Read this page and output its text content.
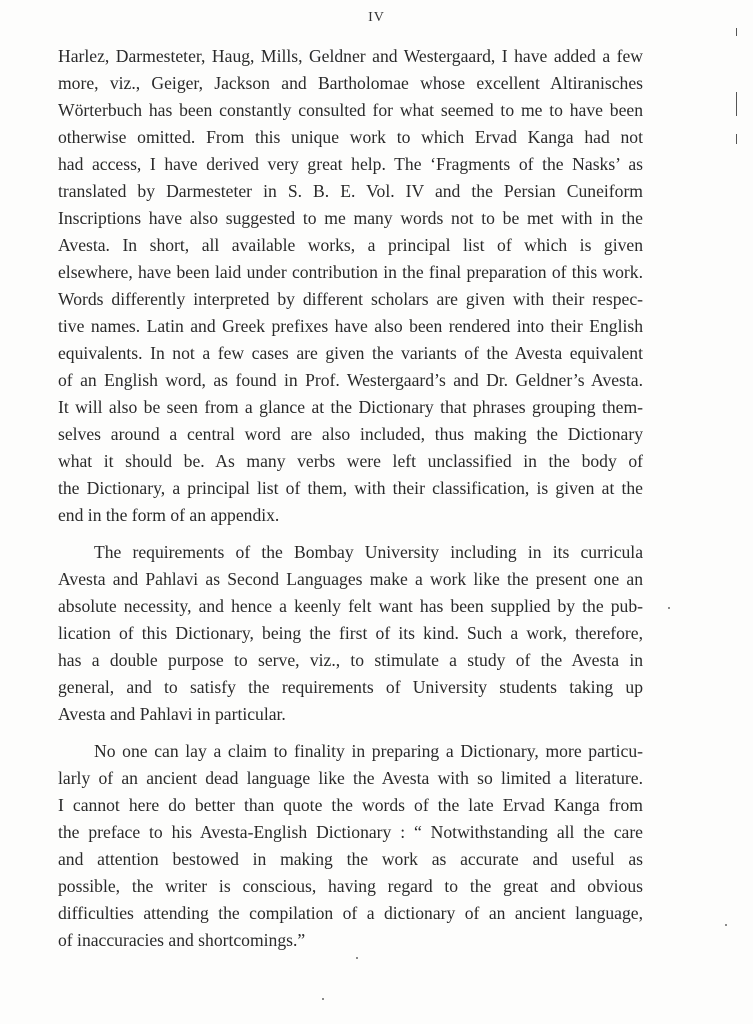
IV
Harlez, Darmesteter, Haug, Mills, Geldner and Westergaard, I have added a few
more, viz., Geiger, Jackson and Bartholomae whose excellent Altiranisches
Wörterbuch has been constantly consulted for what seemed to me to have been
otherwise omitted. From this unique work to which Ervad Kanga had not
had access, I have derived very great help. The ‘Fragments of the Nasks’ as
translated by Darmesteter in S. B. E. Vol. IV and the Persian Cuneiform
Inscriptions have also suggested to me many words not to be met with in the
Avesta. In short, all available works, a principal list of which is given
elsewhere, have been laid under contribution in the final preparation of this work.
Words differently interpreted by different scholars are given with their respec-
tive names. Latin and Greek prefixes have also been rendered into their English
equivalents. In not a few cases are given the variants of the Avesta equivalent
of an English word, as found in Prof. Westergaard’s and Dr. Geldner’s Avesta.
It will also be seen from a glance at the Dictionary that phrases grouping them-
selves around a central word are also included, thus making the Dictionary
what it should be. As many verbs were left unclassified in the body of
the Dictionary, a principal list of them, with their classification, is given at the
end in the form of an appendix.
The requirements of the Bombay University including in its curricula
Avesta and Pahlavi as Second Languages make a work like the present one an
absolute necessity, and hence a keenly felt want has been supplied by the pub-
lication of this Dictionary, being the first of its kind. Such a work, therefore,
has a double purpose to serve, viz., to stimulate a study of the Avesta in
general, and to satisfy the requirements of University students taking up
Avesta and Pahlavi in particular.
No one can lay a claim to finality in preparing a Dictionary, more particu-
larly of an ancient dead language like the Avesta with so limited a literature.
I cannot here do better than quote the words of the late Ervad Kanga from
the preface to his Avesta-English Dictionary : “ Notwithstanding all the care
and attention bestowed in making the work as accurate and useful as
possible, the writer is conscious, having regard to the great and obvious
difficulties attending the compilation of a dictionary of an ancient language,
of inaccuracies and shortcomings.”
